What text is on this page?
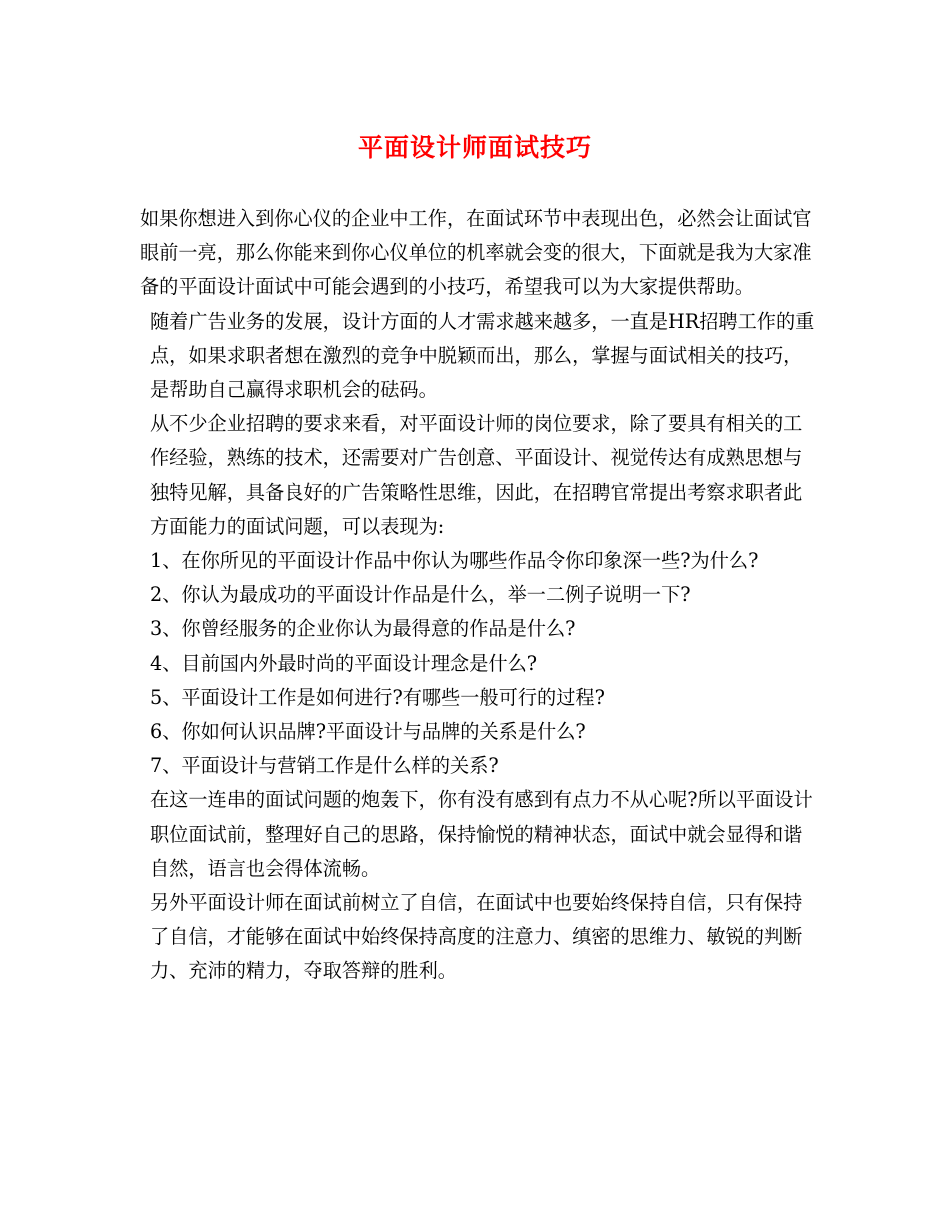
平面设计师面试技巧

如果你想进入到你心仪的企业中工作，在面试环节中表现出色，必然会让面试官眼前一亮，那么你能来到你心仪单位的机率就会变的很大，下面就是我为大家准备的平面设计面试中可能会遇到的小技巧，希望我可以为大家提供帮助。

随着广告业务的发展，设计方面的人才需求越来越多，一直是HR招聘工作的重点，如果求职者想在激烈的竞争中脱颖而出，那么，掌握与面试相关的技巧，是帮助自己赢得求职机会的砝码。

从不少企业招聘的要求来看，对平面设计师的岗位要求，除了要具有相关的工作经验，熟练的技术，还需要对广告创意、平面设计、视觉传达有成熟思想与独特见解，具备良好的广告策略性思维，因此，在招聘官常提出考察求职者此方面能力的面试问题，可以表现为:

1、在你所见的平面设计作品中你认为哪些作品令你印象深一些?为什么?

2、你认为最成功的平面设计作品是什么，举一二例子说明一下?

3、你曾经服务的企业你认为最得意的作品是什么?

4、目前国内外最时尚的平面设计理念是什么?

5、平面设计工作是如何进行?有哪些一般可行的过程?

6、你如何认识品牌?平面设计与品牌的关系是什么?

7、平面设计与营销工作是什么样的关系?

在这一连串的面试问题的炮轰下，你有没有感到有点力不从心呢?所以平面设计职位面试前，整理好自己的思路，保持愉悦的精神状态，面试中就会显得和谐自然，语言也会得体流畅。

另外平面设计师在面试前树立了自信，在面试中也要始终保持自信，只有保持了自信，才能够在面试中始终保持高度的注意力、缜密的思维力、敏锐的判断力、充沛的精力，夺取答辩的胜利。
